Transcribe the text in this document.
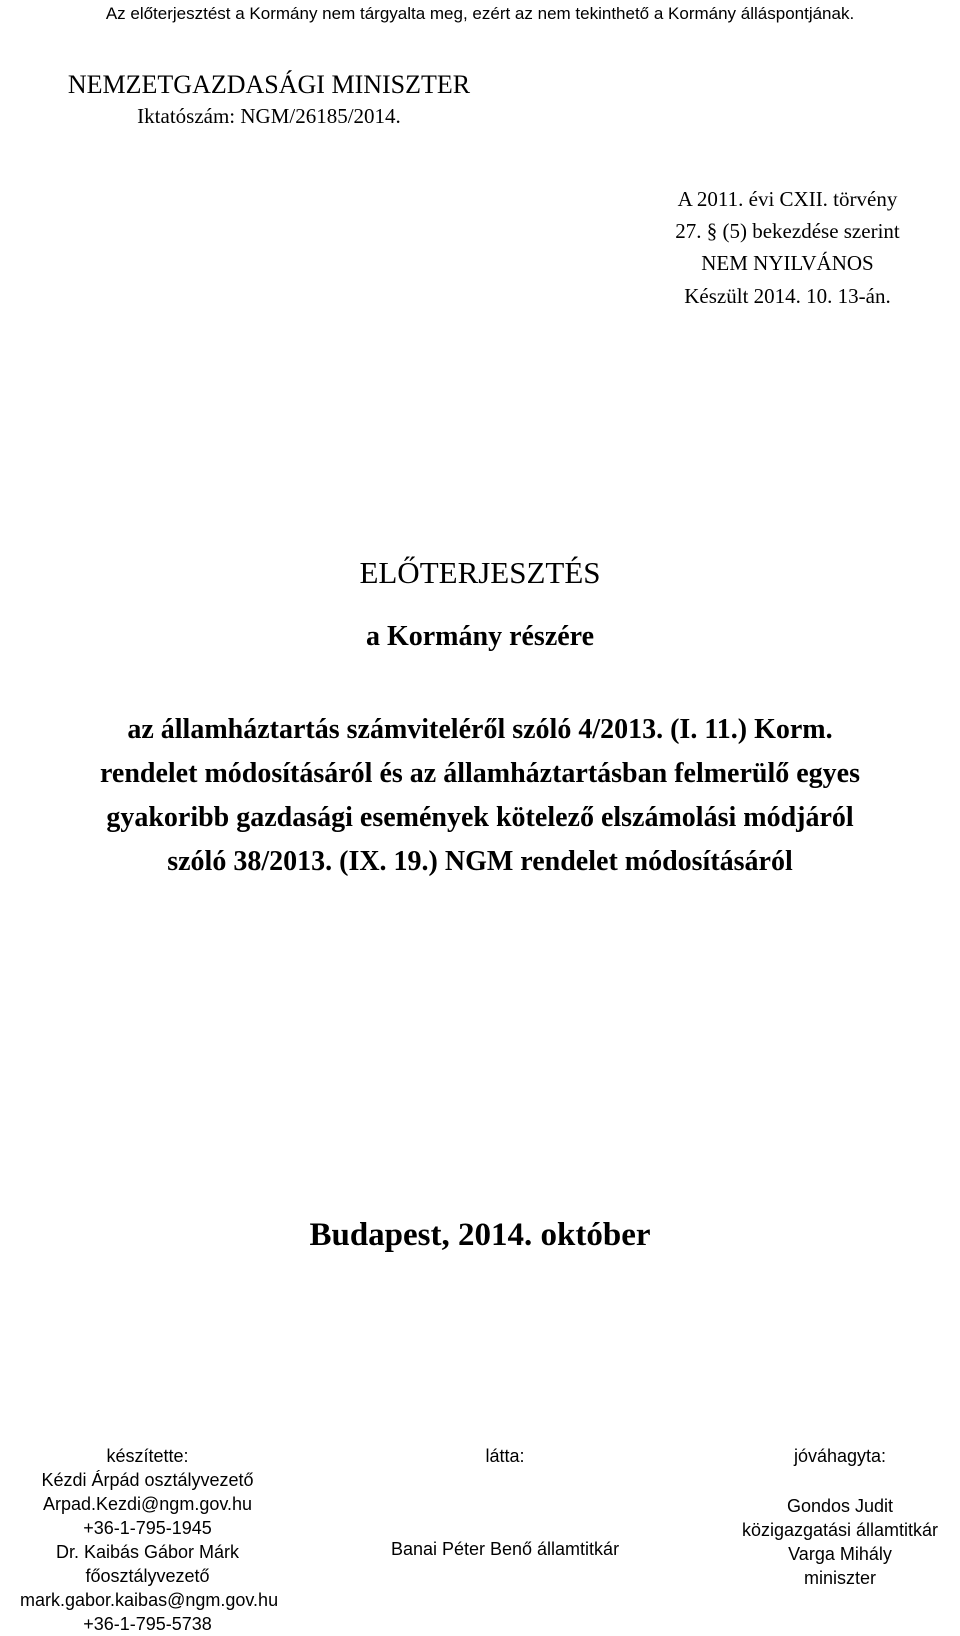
Az előterjesztést a Kormány nem tárgyalta meg, ezért az nem tekinthető a Kormány álláspontjának.
NEMZETGAZDASÁGI MINISZTER
Iktatószám: NGM/26185/2014.
A 2011. évi CXII. törvény
27. § (5) bekezdése szerint
NEM NYILVÁNOS
Készült 2014. 10. 13-án.
ELŐTERJESZTÉS
a Kormány részére
az államháztartás számviteléről szóló 4/2013. (I. 11.) Korm.
rendelet módosításáról és az államháztartásban felmerülő egyes
gyakoribb gazdasági események kötelező elszámolási módjáról
szóló 38/2013. (IX. 19.) NGM rendelet módosításáról
Budapest, 2014. október
készítette:
Kézdi Árpád osztályvezető
Arpad.Kezdi@ngm.gov.hu
+36-1-795-1945
Dr. Kaibás Gábor Márk
főosztályvezető
mark.gabor.kaibas@ngm.gov.hu
+36-1-795-5738
látta:
Banai Péter Benő államtitkár
jóváhagyta:
Gondos Judit
közigazgatási államtitkár
Varga Mihály
miniszter
